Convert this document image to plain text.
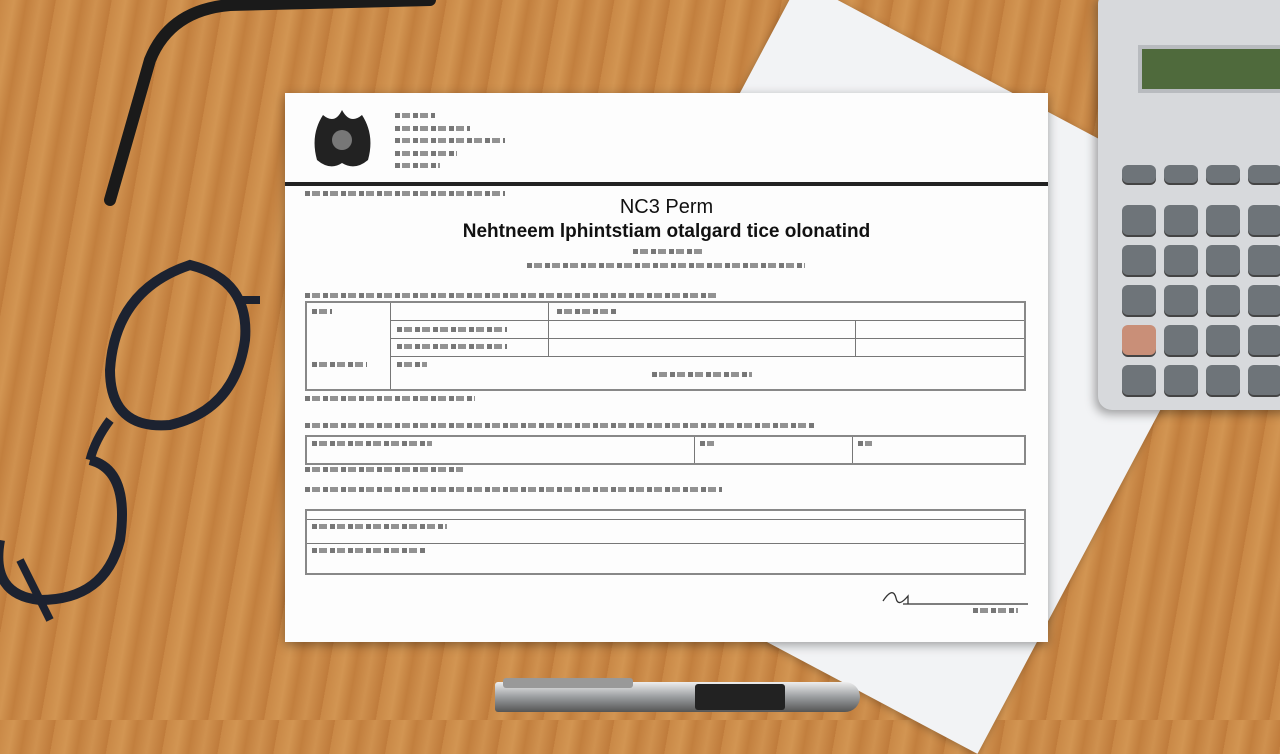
NC3 Perm
Nehtneem lphintstiam otalgard tice olonatind
